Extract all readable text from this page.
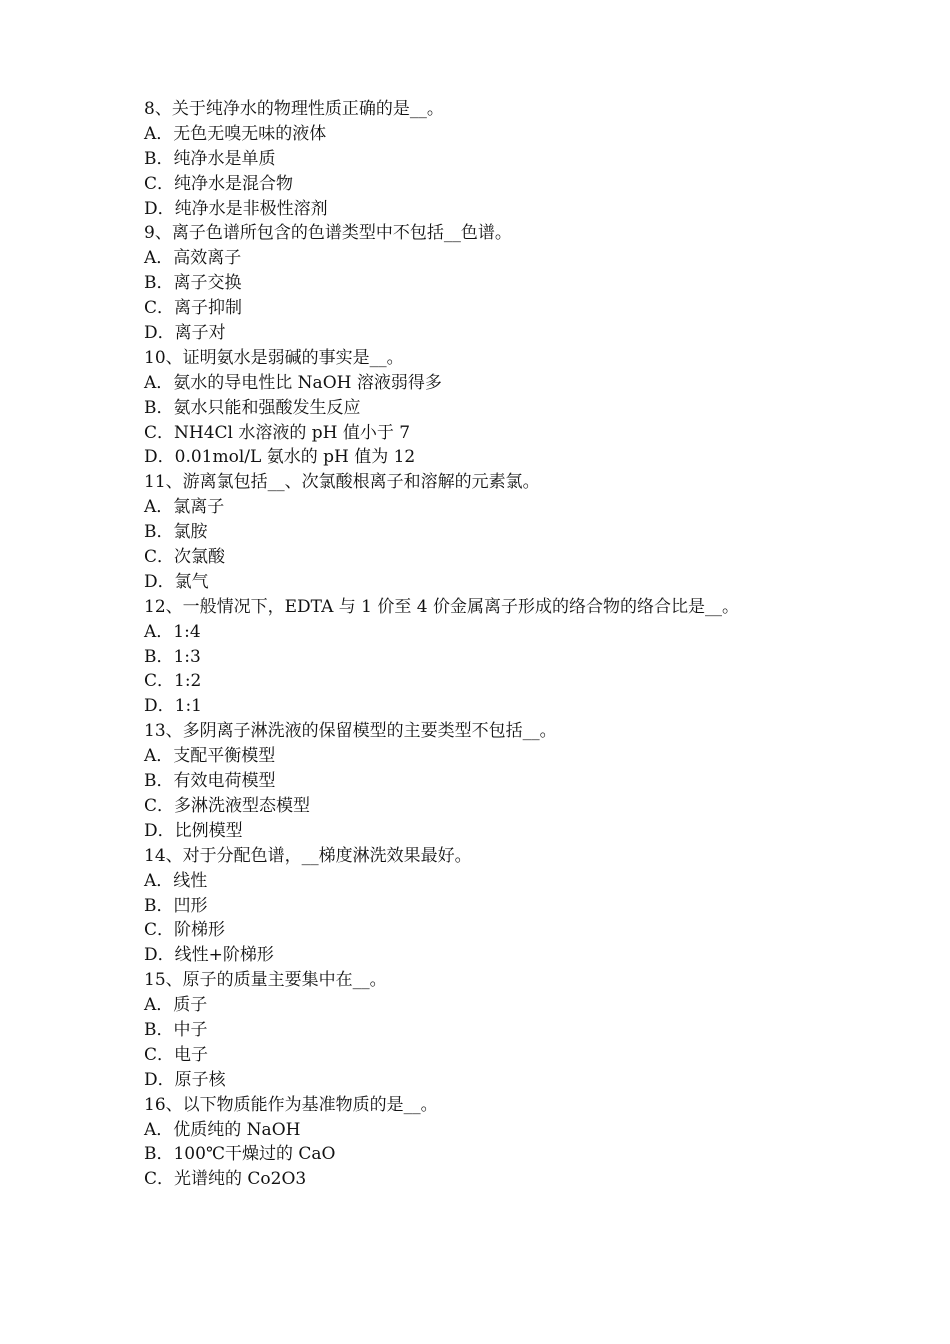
8、关于纯净水的物理性质正确的是__。
A．无色无嗅无味的液体
B．纯净水是单质
C．纯净水是混合物
D．纯净水是非极性溶剂
9、离子色谱所包含的色谱类型中不包括__色谱。
A．高效离子
B．离子交换
C．离子抑制
D．离子对
10、证明氨水是弱碱的事实是__。
A．氨水的导电性比 NaOH 溶液弱得多
B．氨水只能和强酸发生反应
C．NH4Cl 水溶液的 pH 值小于 7
D．0.01mol/L 氨水的 pH 值为 12
11、游离氯包括__、次氯酸根离子和溶解的元素氯。
A．氯离子
B．氯胺
C．次氯酸
D．氯气
12、一般情况下，EDTA 与 1 价至 4 价金属离子形成的络合物的络合比是__。
A．1:4
B．1:3
C．1:2
D．1:1
13、多阴离子淋洗液的保留模型的主要类型不包括__。
A．支配平衡模型
B．有效电荷模型
C．多淋洗液型态模型
D．比例模型
14、对于分配色谱，__梯度淋洗效果最好。
A．线性
B．凹形
C．阶梯形
D．线性+阶梯形
15、原子的质量主要集中在__。
A．质子
B．中子
C．电子
D．原子核
16、以下物质能作为基准物质的是__。
A．优质纯的 NaOH
B．100℃干燥过的 CaO
C．光谱纯的 Co2O3
